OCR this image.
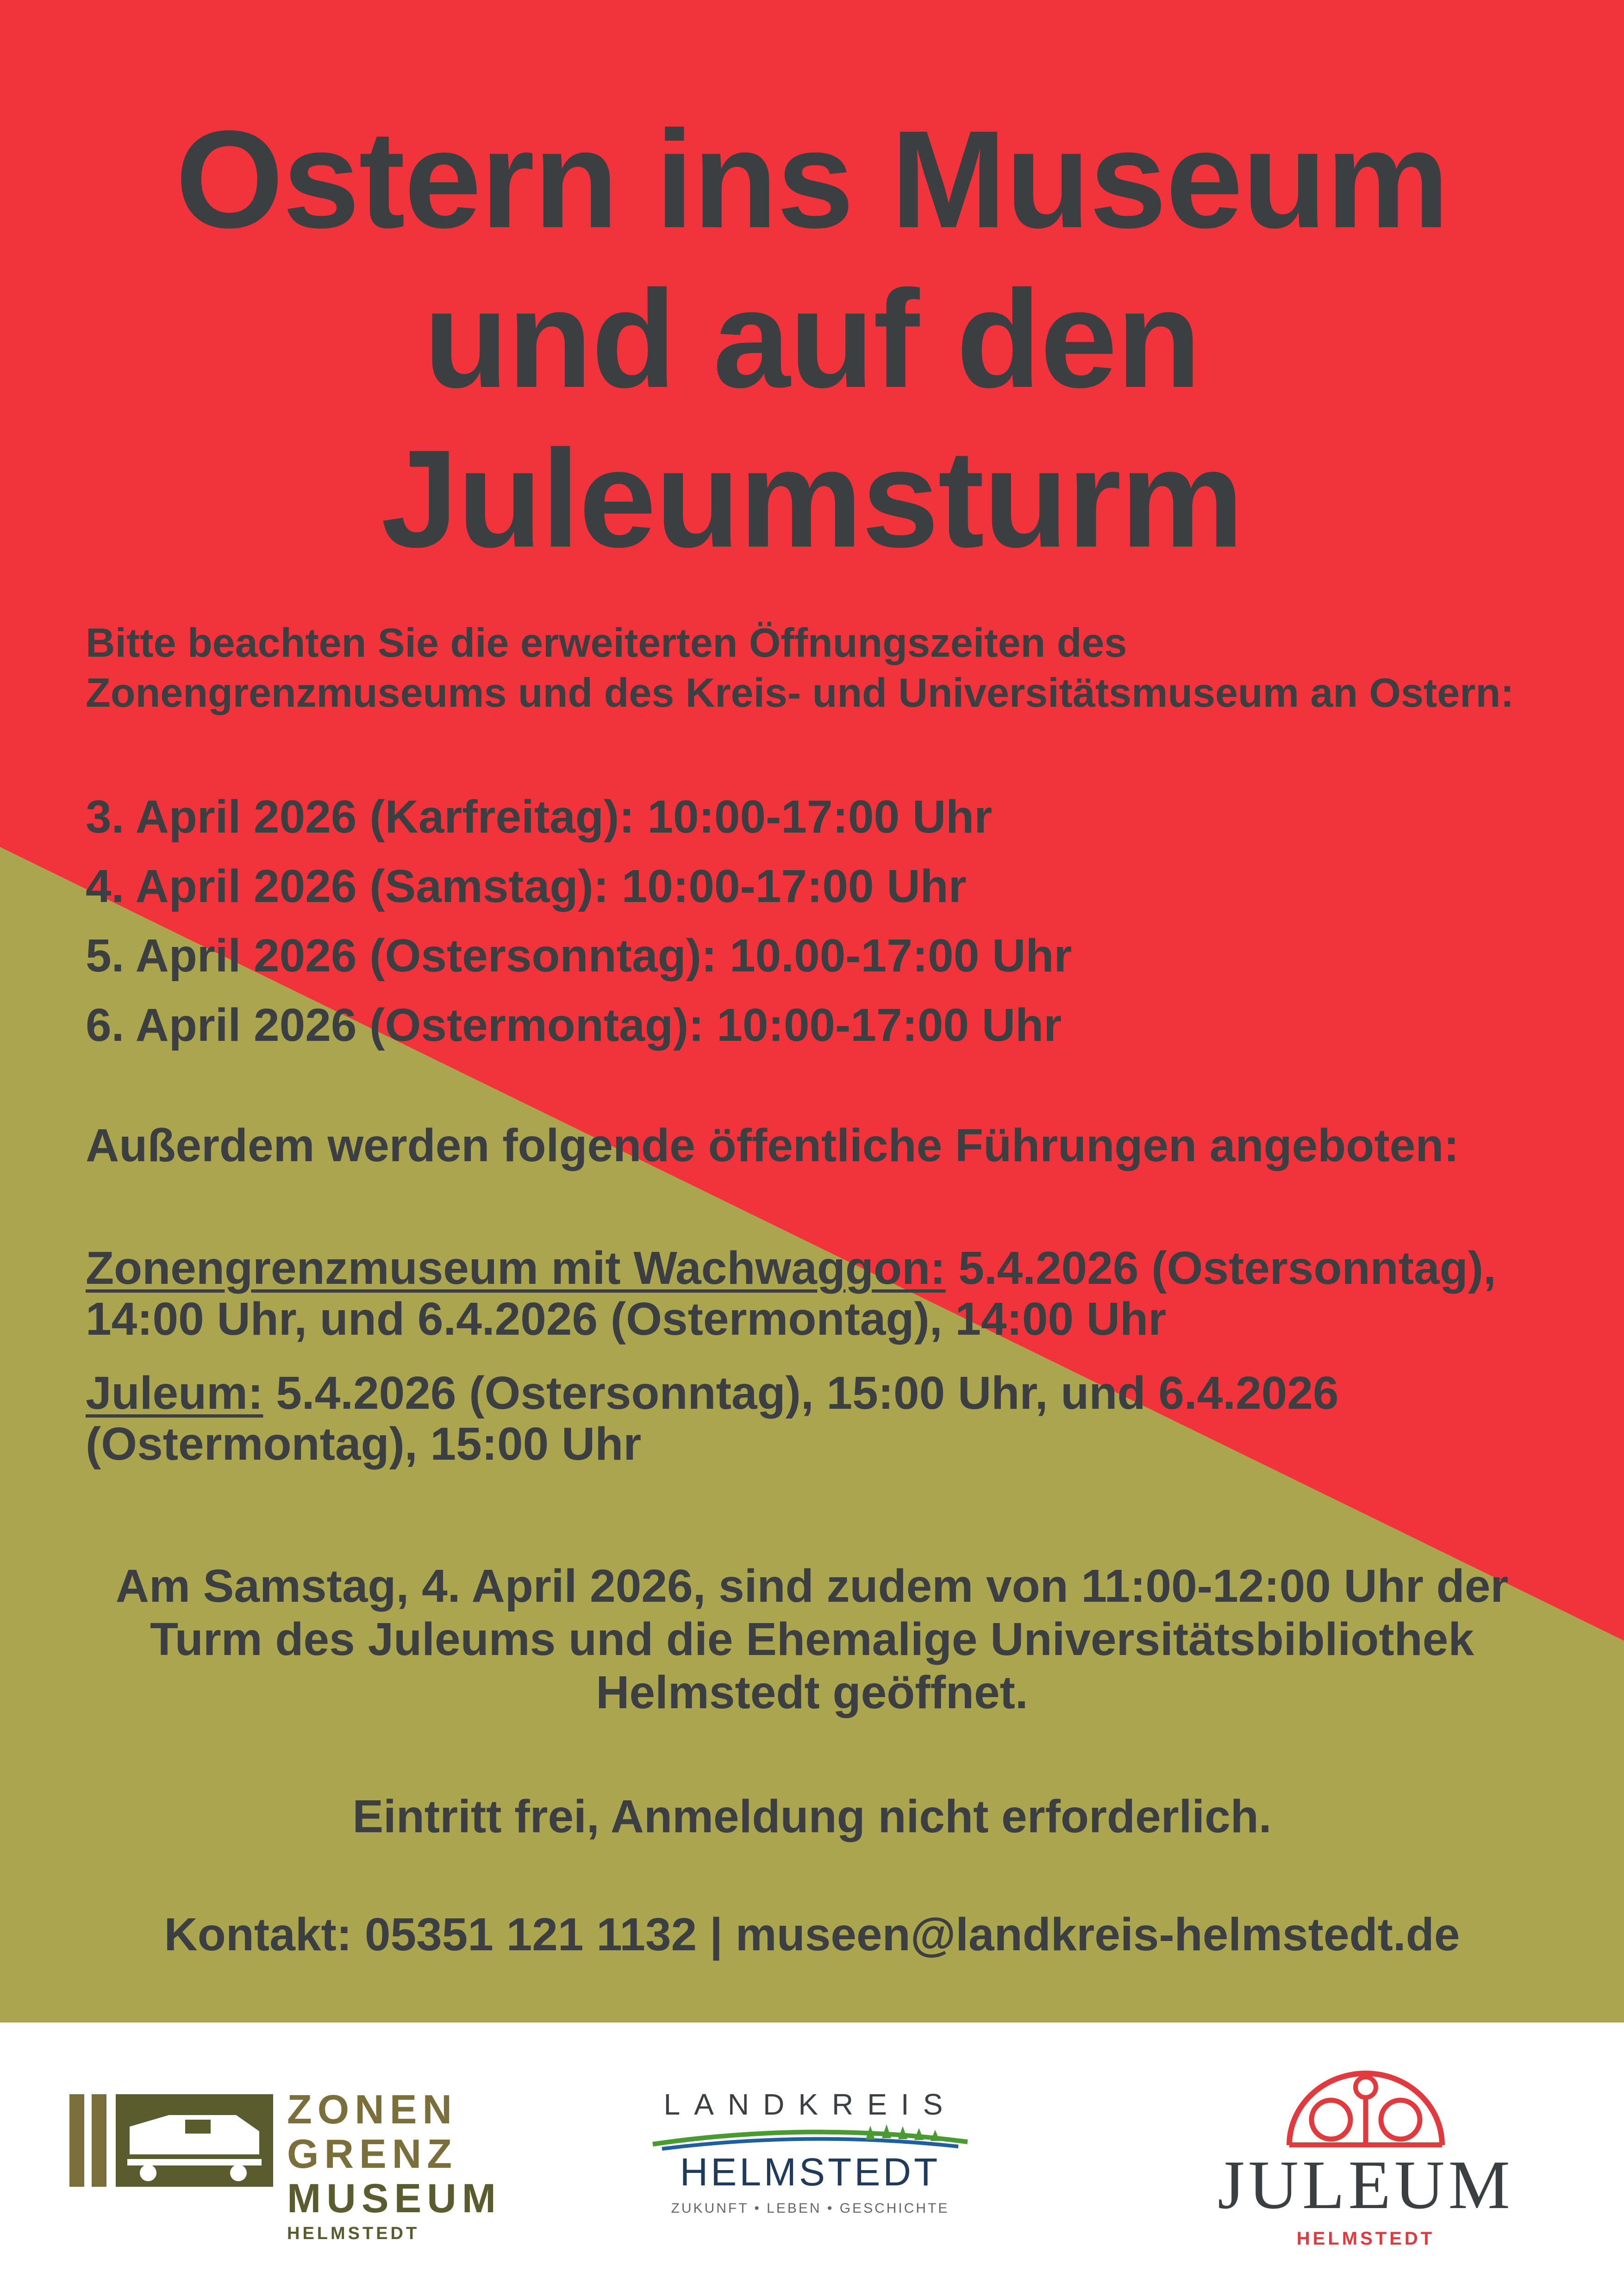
Ostern ins Museum
und auf den
Juleumsturm
Bitte beachten Sie die erweiterten Öffnungszeiten des Zonengrenzmuseums und des Kreis- und Universitätsmuseum an Ostern:
3. April 2026 (Karfreitag): 10:00-17:00 Uhr
4. April 2026 (Samstag): 10:00-17:00 Uhr
5. April 2026 (Ostersonntag): 10.00-17:00 Uhr
6. April 2026 (Ostermontag): 10:00-17:00 Uhr
Außerdem werden folgende öffentliche Führungen angeboten:
Zonengrenzmuseum mit Wachwaggon: 5.4.2026 (Ostersonntag), 14:00 Uhr, und 6.4.2026 (Ostermontag), 14:00 Uhr
Juleum: 5.4.2026 (Ostersonntag), 15:00 Uhr, und 6.4.2026 (Ostermontag), 15:00 Uhr
Am Samstag, 4. April 2026, sind zudem von 11:00-12:00 Uhr der
Turm des Juleums und die Ehemalige Universitätsbibliothek
Helmstedt geöffnet.
Eintritt frei, Anmeldung nicht erforderlich.
Kontakt: 05351 121 1132 | museen@landkreis-helmstedt.de
ZONEN
GRENZ
MUSEUM
HELMSTEDT
LANDKREIS
HELMSTEDT
ZUKUNFT • LEBEN • GESCHICHTE	JULEUM
HELMSTEDT
